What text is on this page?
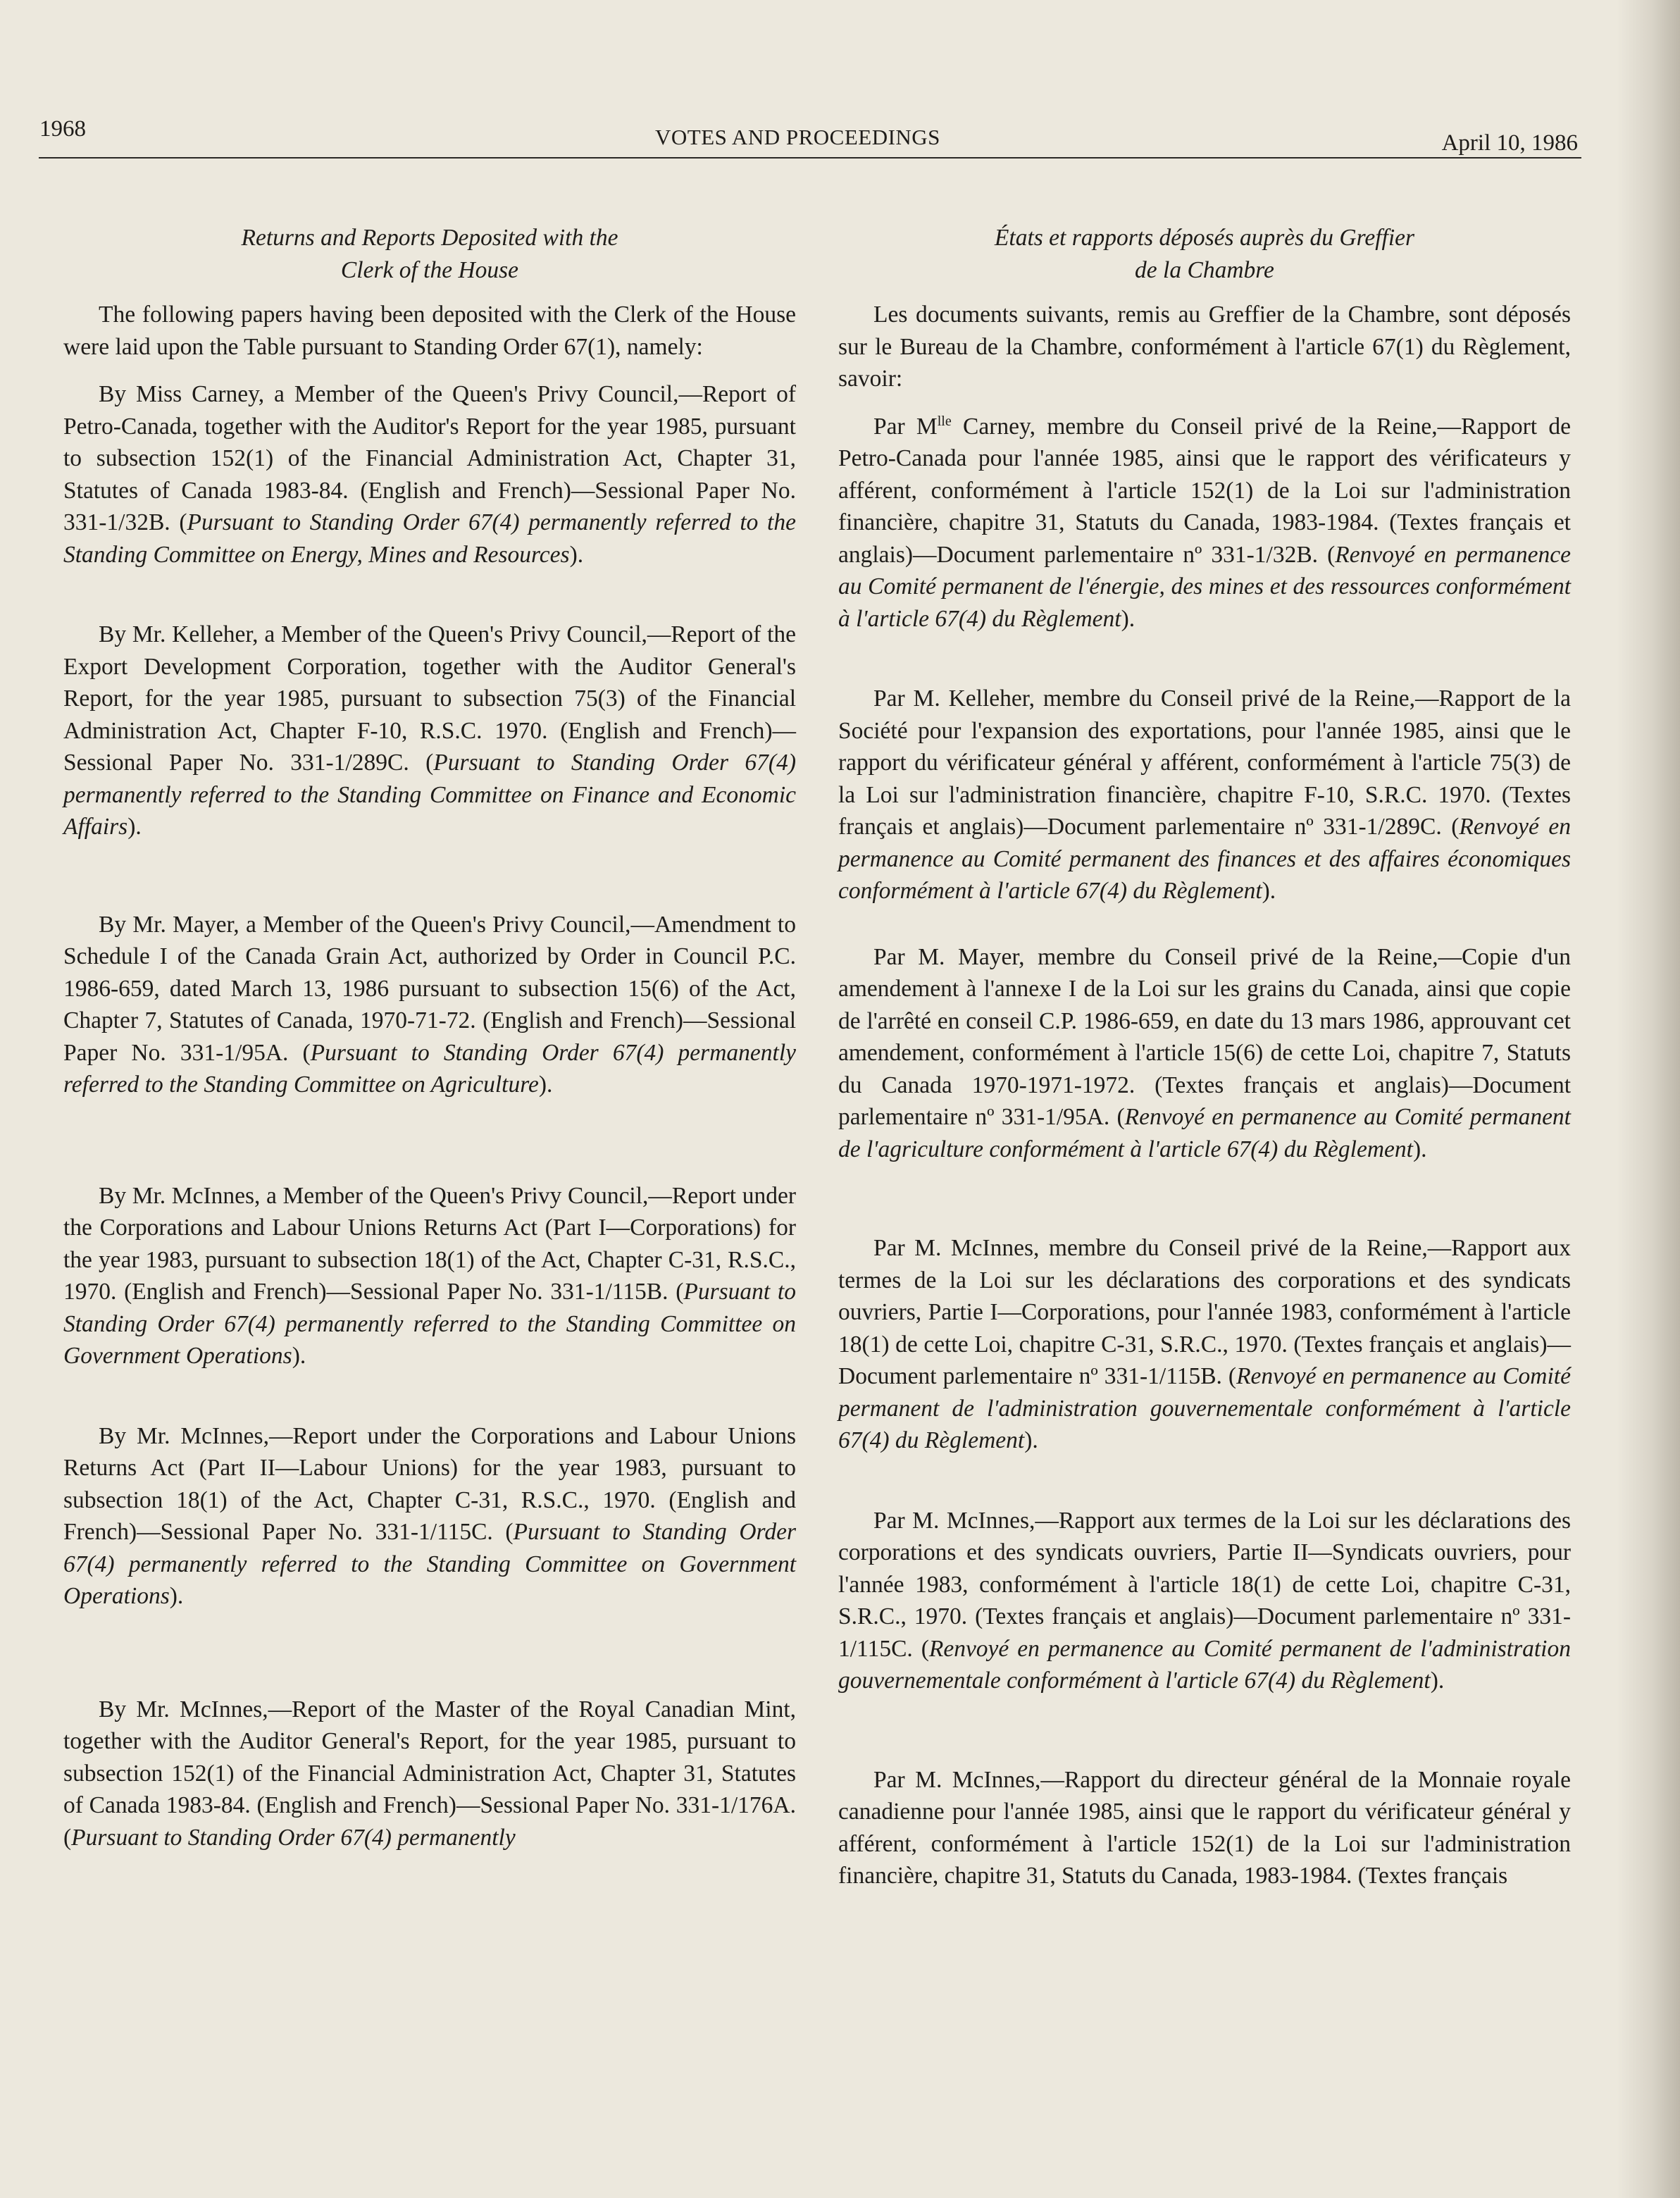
1968	VOTES AND PROCEEDINGS	April 10, 1986
Returns and Reports Deposited with the
Clerk of the House

The following papers having been deposited with the Clerk of the House were laid upon the Table pursuant to Standing Order 67(1), namely:

By Miss Carney, a Member of the Queen's Privy Council,—Report of Petro-Canada, together with the Auditor's Report for the year 1985, pursuant to subsection 152(1) of the Financial Administration Act, Chapter 31, Statutes of Canada 1983-84. (English and French)—Sessional Paper No. 331-1/32B. (Pursuant to Standing Order 67(4) permanently referred to the Standing Committee on Energy, Mines and Resources).

By Mr. Kelleher, a Member of the Queen's Privy Council,—Report of the Export Development Corporation, together with the Auditor General's Report, for the year 1985, pursuant to subsection 75(3) of the Financial Administration Act, Chapter F-10, R.S.C. 1970. (English and French)—Sessional Paper No. 331-1/289C. (Pursuant to Standing Order 67(4) permanently referred to the Standing Committee on Finance and Economic Affairs).

By Mr. Mayer, a Member of the Queen's Privy Council,—Amendment to Schedule I of the Canada Grain Act, authorized by Order in Council P.C. 1986-659, dated March 13, 1986 pursuant to subsection 15(6) of the Act, Chapter 7, Statutes of Canada, 1970-71-72. (English and French)—Sessional Paper No. 331-1/95A. (Pursuant to Standing Order 67(4) permanently referred to the Standing Committee on Agriculture).

By Mr. McInnes, a Member of the Queen's Privy Council,—Report under the Corporations and Labour Unions Returns Act (Part I—Corporations) for the year 1983, pursuant to subsection 18(1) of the Act, Chapter C-31, R.S.C., 1970. (English and French)—Sessional Paper No. 331-1/115B. (Pursuant to Standing Order 67(4) permanently referred to the Standing Committee on Government Operations).

By Mr. McInnes,—Report under the Corporations and Labour Unions Returns Act (Part II—Labour Unions) for the year 1983, pursuant to subsection 18(1) of the Act, Chapter C-31, R.S.C., 1970. (English and French)—Sessional Paper No. 331-1/115C. (Pursuant to Standing Order 67(4) permanently referred to the Standing Committee on Government Operations).

By Mr. McInnes,—Report of the Master of the Royal Canadian Mint, together with the Auditor General's Report, for the year 1985, pursuant to subsection 152(1) of the Financial Administration Act, Chapter 31, Statutes of Canada 1983-84. (English and French)—Sessional Paper No. 331-1/176A. (Pursuant to Standing Order 67(4) permanently

États et rapports déposés auprès du Greffier
de la Chambre

Les documents suivants, remis au Greffier de la Chambre, sont déposés sur le Bureau de la Chambre, conformément à l'article 67(1) du Règlement, savoir:

Par $M^{lle}$ Carney, membre du Conseil privé de la Reine,—Rapport de Petro-Canada pour l'année 1985, ainsi que le rapport des vérificateurs y afférent, conformément à l'article 152(1) de la Loi sur l'administration financière, chapitre 31, Statuts du Canada, 1983-1984. (Textes français et anglais)—Document parlementaire nº 331-1/32B. (Renvoyé en permanence au Comité permanent de l'énergie, des mines et des ressources conformément à l'article 67(4) du Règlement).

Par M. Kelleher, membre du Conseil privé de la Reine,—Rapport de la Société pour l'expansion des exportations, pour l'année 1985, ainsi que le rapport du vérificateur général y afférent, conformément à l'article 75(3) de la Loi sur l'administration financière, chapitre F-10, S.R.C. 1970. (Textes français et anglais)—Document parlementaire nº 331-1/289C. (Renvoyé en permanence au Comité permanent des finances et des affaires économiques conformément à l'article 67(4) du Règlement).

Par M. Mayer, membre du Conseil privé de la Reine,—Copie d'un amendement à l'annexe I de la Loi sur les grains du Canada, ainsi que copie de l'arrêté en conseil C.P. 1986-659, en date du 13 mars 1986, approuvant cet amendement, conformément à l'article 15(6) de cette Loi, chapitre 7, Statuts du Canada 1970-1971-1972. (Textes français et anglais)—Document parlementaire nº 331-1/95A. (Renvoyé en permanence au Comité permanent de l'agriculture conformément à l'article 67(4) du Règlement).

Par M. McInnes, membre du Conseil privé de la Reine,—Rapport aux termes de la Loi sur les déclarations des corporations et des syndicats ouvriers, Partie I—Corporations, pour l'année 1983, conformément à l'article 18(1) de cette Loi, chapitre C-31, S.R.C., 1970. (Textes français et anglais)—Document parlementaire nº 331-1/115B. (Renvoyé en permanence au Comité permanent de l'administration gouvernementale conformément à l'article 67(4) du Règlement).

Par M. McInnes,—Rapport aux termes de la Loi sur les déclarations des corporations et des syndicats ouvriers, Partie II—Syndicats ouvriers, pour l'année 1983, conformément à l'article 18(1) de cette Loi, chapitre C-31, S.R.C., 1970. (Textes français et anglais)—Document parlementaire nº 331-1/115C. (Renvoyé en permanence au Comité permanent de l'administration gouvernementale conformément à l'article 67(4) du Règlement).

Par M. McInnes,—Rapport du directeur général de la Monnaie royale canadienne pour l'année 1985, ainsi que le rapport du vérificateur général y afférent, conformément à l'article 152(1) de la Loi sur l'administration financière, chapitre 31, Statuts du Canada, 1983-1984. (Textes français
